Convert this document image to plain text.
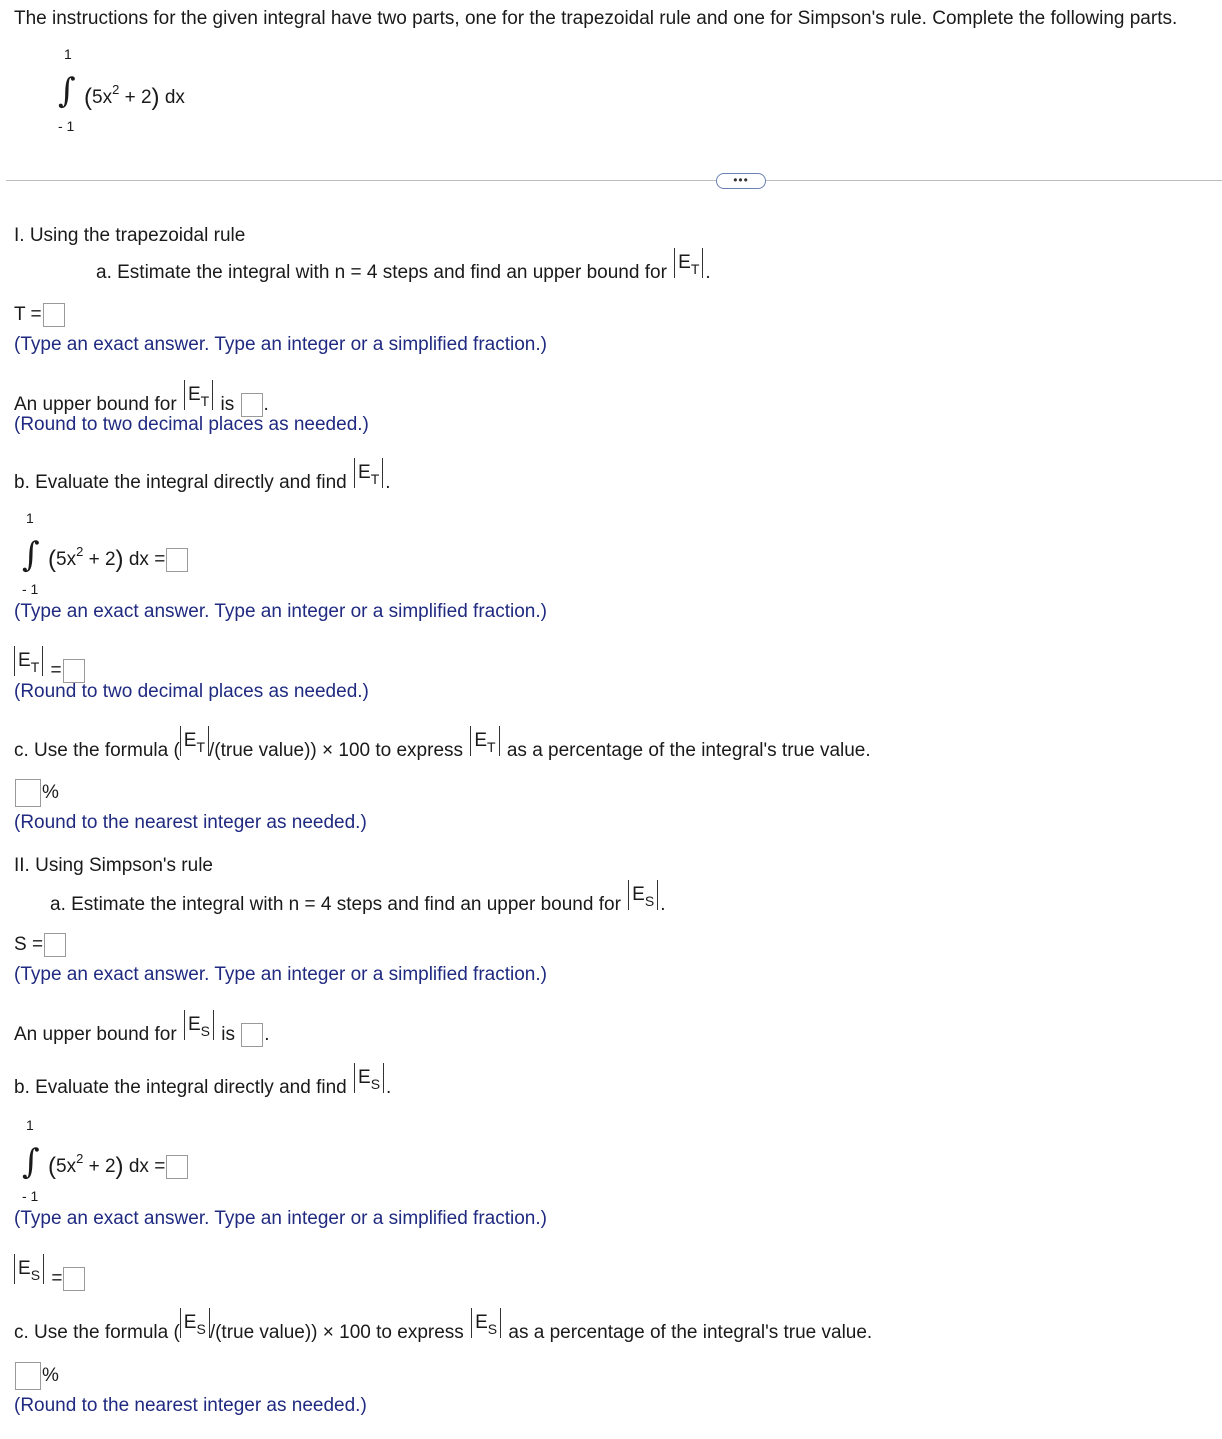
The instructions for the given integral have two parts, one for the trapezoidal rule and one for Simpson's rule. Complete the following parts.
1
∫
- 1
$(5x^2 + 2)$ dx
•••
I. Using the trapezoidal rule
a. Estimate the integral with n = 4 steps and find an upper bound for $E_T$ .
T =
(Type an exact answer. Type an integer or a simplified fraction.)
An upper bound for $E_T$ is .
(Round to two decimal places as needed.)
b. Evaluate the integral directly and find $E_T$ .
1
∫
- 1
$(5x^2 + 2)$ dx =
(Type an exact answer. Type an integer or a simplified fraction.)
$E_T$ =
(Round to two decimal places as needed.)
c. Use the formula ( $E_T$ /(true value)) × 100 to express $E_T$ as a percentage of the integral's true value.
%
(Round to the nearest integer as needed.)
II. Using Simpson's rule
a. Estimate the integral with n = 4 steps and find an upper bound for $E_S$ .
S =
(Type an exact answer. Type an integer or a simplified fraction.)
An upper bound for $E_S$ is .
b. Evaluate the integral directly and find $E_S$ .
1
∫
- 1
$(5x^2 + 2)$ dx =
(Type an exact answer. Type an integer or a simplified fraction.)
$E_S$ =
c. Use the formula ( $E_S$ /(true value)) × 100 to express $E_S$ as a percentage of the integral's true value.
%
(Round to the nearest integer as needed.)
